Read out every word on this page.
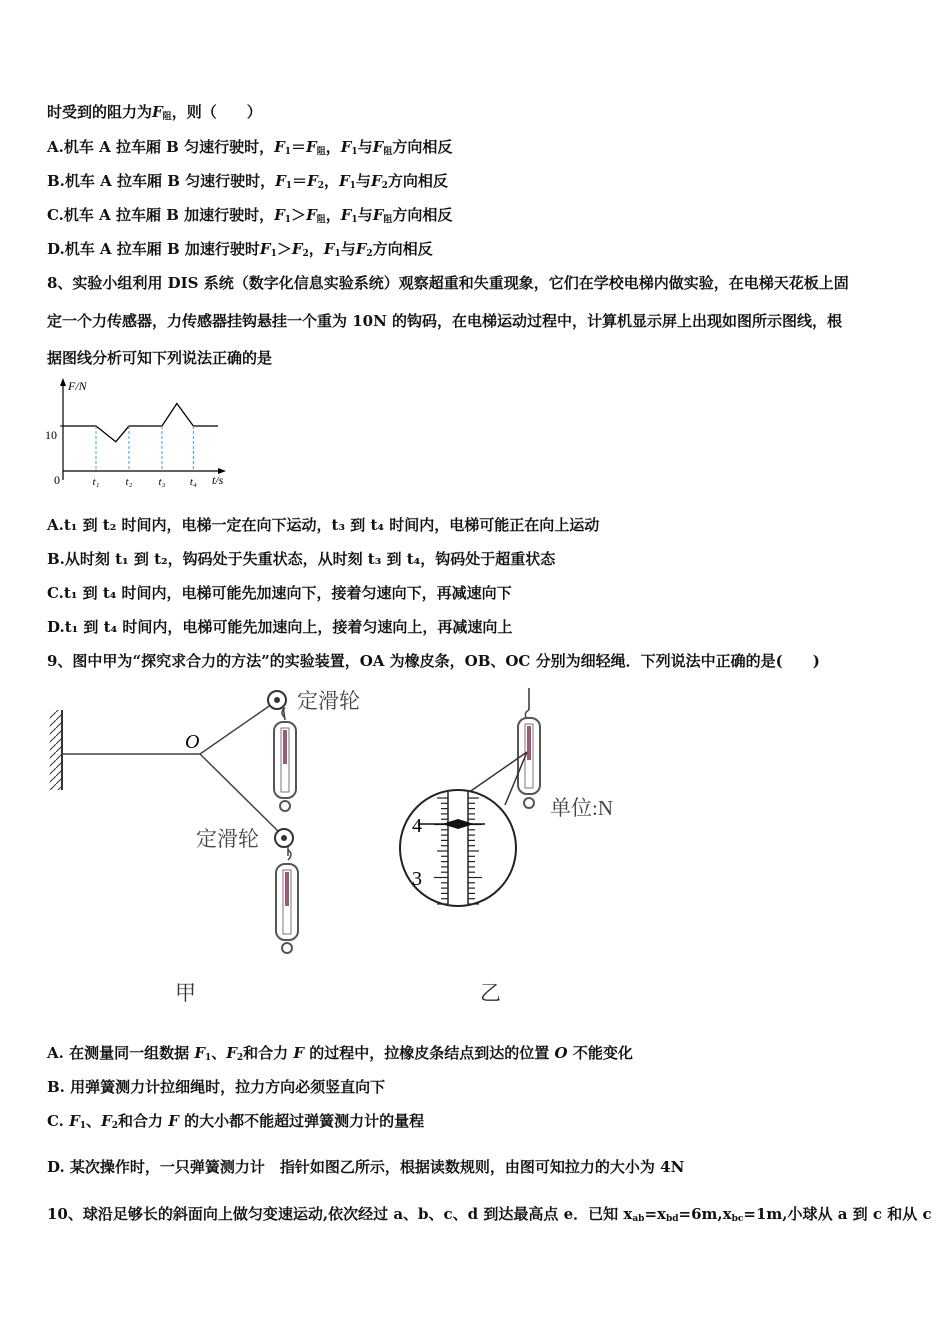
时受到的阻力为$F_阻$，则（　　）
A.机车 A 拉车厢 B 匀速行驶时，$F_1=F_阻$，$F_1$与$F_阻$方向相反
B.机车 A 拉车厢 B 匀速行驶时，$F_1=F_2$，$F_1$与$F_2$方向相反
C.机车 A 拉车厢 B 加速行驶时，$F_1>F_阻$，$F_1$与$F_阻$方向相反
D.机车 A 拉车厢 B 加速行驶时$F_1>F_2$，$F_1$与$F_2$方向相反
8、实验小组利用 DIS 系统（数字化信息实验系统）观察超重和失重现象，它们在学校电梯内做实验，在电梯天花板上固
定一个力传感器，力传感器挂钩悬挂一个重为 10N 的钩码，在电梯运动过程中，计算机显示屏上出现如图所示图线，根
据图线分析可知下列说法正确的是
F/N
t/s
0
10
t₁ t₂ t₃ t₄
A.t₁ 到 t₂ 时间内，电梯一定在向下运动，t₃ 到 t₄ 时间内，电梯可能正在向上运动
B.从时刻 t₁ 到 t₂，钩码处于失重状态，从时刻 t₃ 到 t₄，钩码处于超重状态
C.t₁ 到 t₄ 时间内，电梯可能先加速向下，接着匀速向下，再减速向下
D.t₁ 到 t₄ 时间内，电梯可能先加速向上，接着匀速向上，再减速向上
9、图中甲为“探究求合力的方法”的实验装置，OA 为橡皮条，OB、OC 分别为细轻绳．下列说法中正确的是(　　)
O
定滑轮
定滑轮
甲
单位:N
4
3
乙
A. 在测量同一组数据 $F_1$、$F_2$和合力 F 的过程中，拉橡皮条结点到达的位置 O 不能变化
B. 用弹簧测力计拉细绳时，拉力方向必须竖直向下
C. $F_1$、$F_2$和合力 F 的大小都不能超过弹簧测力计的量程
D. 某次操作时，一只弹簧测力计　指针如图乙所示，根据读数规则，由图可知拉力的大小为 4N
10、球沿足够长的斜面向上做匀变速运动,依次经过 a、b、c、d 到达最高点 e．已知 $x_{ab}=x_{bd}=6m,x_{bc}=1m$,小球从 a 到 c 和从 c
